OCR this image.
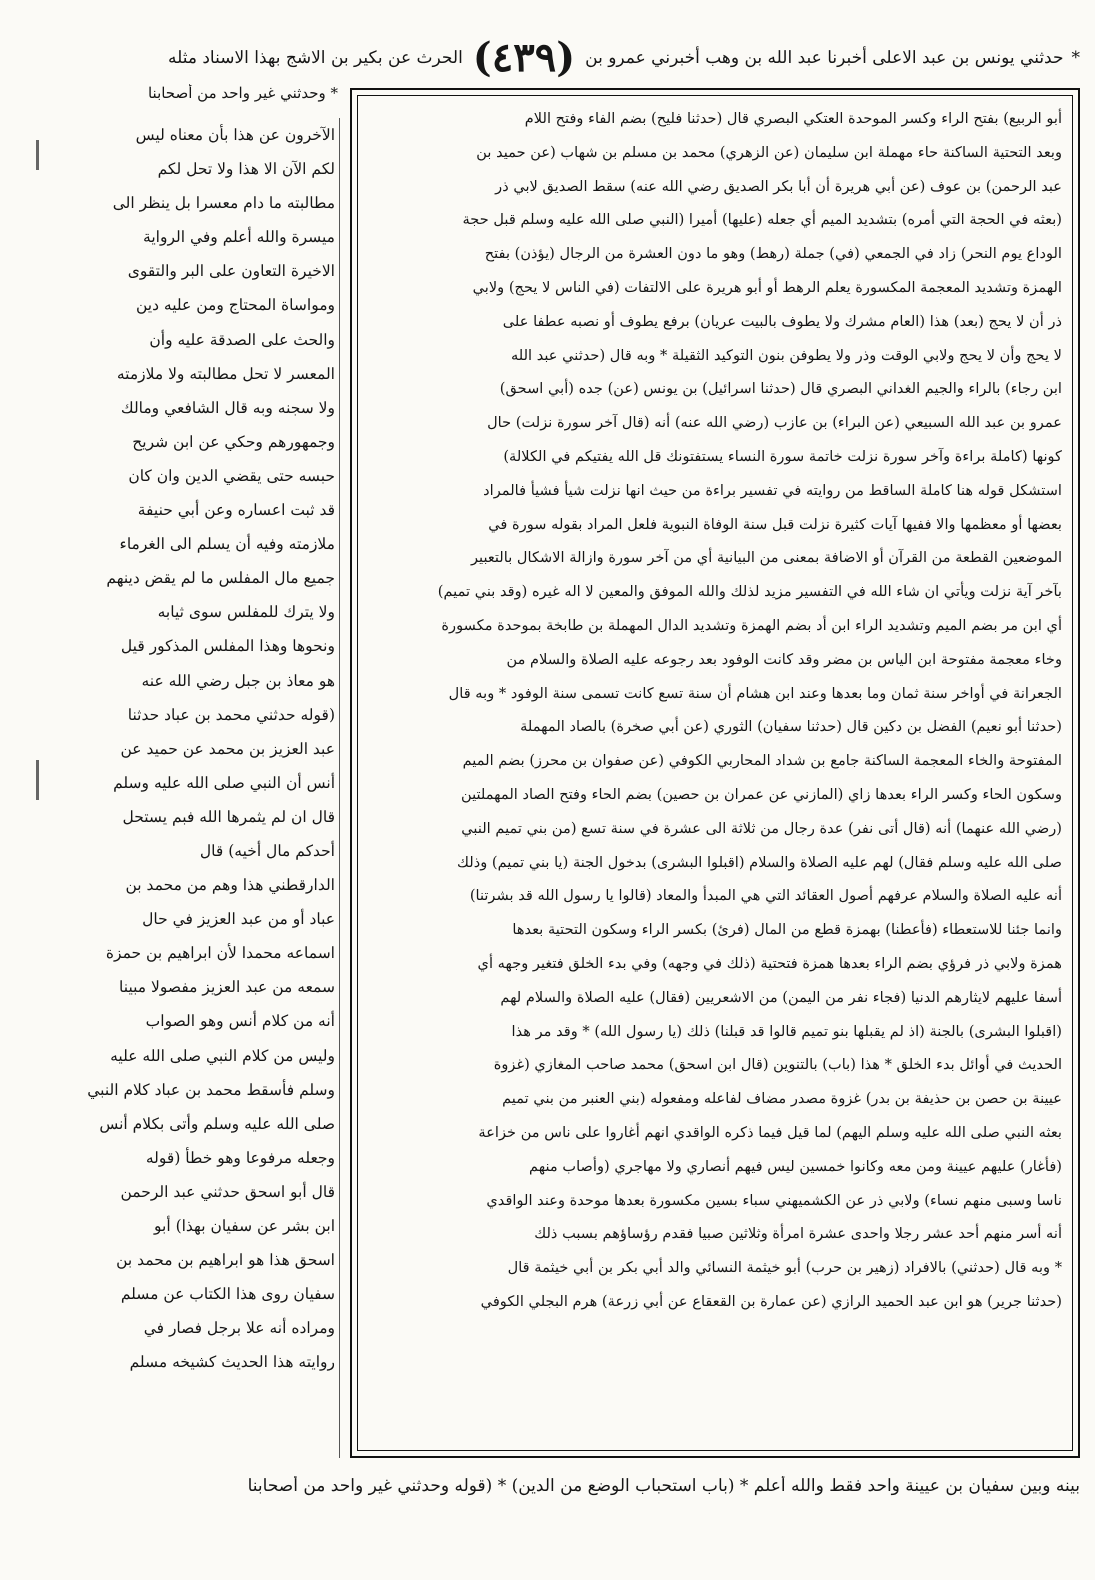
*
حدثني يونس بن عبد الاعلى أخبرنا عبد الله بن وهب أخبرني عمرو بن
(٤٣٩)
الحرث عن بكير بن الاشج بهذا الاسناد مثله
* وحدثني غير واحد من أصحابنا
الآخرون عن هذا بأن معناه ليس
لكم الآن الا هذا ولا تحل لكم
مطالبته ما دام معسرا بل ينظر الى
ميسرة والله أعلم وفي الرواية
الاخيرة التعاون على البر والتقوى
ومواساة المحتاج ومن عليه دين
والحث على الصدقة عليه وأن
المعسر لا تحل مطالبته ولا ملازمته
ولا سجنه وبه قال الشافعي ومالك
وجمهورهم وحكي عن ابن شريح
حبسه حتى يقضي الدين وان كان
قد ثبت اعساره وعن أبي حنيفة
ملازمته وفيه أن يسلم الى الغرماء
جميع مال المفلس ما لم يقض دينهم
ولا يترك للمفلس سوى ثيابه
ونحوها وهذا المفلس المذكور قيل
هو معاذ بن جبل رضي الله عنه
(قوله حدثني محمد بن عباد حدثنا
عبد العزيز بن محمد عن حميد عن
أنس أن النبي صلى الله عليه وسلم
قال ان لم يثمرها الله فبم يستحل
أحدكم مال أخيه) قال
الدارقطني هذا وهم من محمد بن
عباد أو من عبد العزيز في حال
اسماعه محمدا لأن ابراهيم بن حمزة
سمعه من عبد العزيز مفصولا مبينا
أنه من كلام أنس وهو الصواب
وليس من كلام النبي صلى الله عليه
وسلم فأسقط محمد بن عباد كلام النبي
صلى الله عليه وسلم وأتى بكلام أنس
وجعله مرفوعا وهو خطأ (قوله
قال أبو اسحق حدثني عبد الرحمن
ابن بشر عن سفيان بهذا) أبو
اسحق هذا هو ابراهيم بن محمد بن
سفيان روى هذا الكتاب عن مسلم
ومراده أنه علا برجل فصار في
روايته هذا الحديث كشيخه مسلم
أبو الربيع) بفتح الراء وكسر الموحدة العتكي البصري قال (حدثنا فليح) بضم الفاء وفتح اللام
وبعد التحتية الساكنة حاء مهملة ابن سليمان (عن الزهري) محمد بن مسلم بن شهاب (عن حميد بن
عبد الرحمن) بن عوف (عن أبي هريرة أن أبا بكر الصديق رضي الله عنه) سقط الصديق لابي ذر
(بعثه في الحجة التي أمره) بتشديد الميم أي جعله (عليها) أميرا (النبي صلى الله عليه وسلم قبل حجة
الوداع يوم النحر) زاد في الجمعي (في) جملة (رهط) وهو ما دون العشرة من الرجال (يؤذن) بفتح
الهمزة وتشديد المعجمة المكسورة يعلم الرهط أو أبو هريرة على الالتفات (في الناس لا يحج) ولابي
ذر أن لا يحج (بعد) هذا (العام مشرك ولا يطوف بالبيت عريان) برفع يطوف أو نصبه عطفا على
لا يحج وأن لا يحج ولابي الوقت وذر ولا يطوفن بنون التوكيد الثقيلة * وبه قال (حدثني عبد الله
ابن رجاء) بالراء والجيم الغداني البصري قال (حدثنا اسرائيل) بن يونس (عن) جده (أبي اسحق)
عمرو بن عبد الله السبيعي (عن البراء) بن عازب (رضي الله عنه) أنه (قال آخر سورة نزلت) حال
كونها (كاملة براءة وآخر سورة نزلت خاتمة سورة النساء يستفتونك قل الله يفتيكم في الكلالة)
استشكل قوله هنا كاملة الساقط من روايته في تفسير براءة من حيث انها نزلت شيأ فشيأ فالمراد
بعضها أو معظمها والا ففيها آيات كثيرة نزلت قبل سنة الوفاة النبوية فلعل المراد بقوله سورة في
الموضعين القطعة من القرآن أو الاضافة بمعنى من البيانية أي من آخر سورة وازالة الاشكال بالتعبير
بآخر آية نزلت ويأتي ان شاء الله في التفسير مزيد لذلك والله الموفق والمعين لا اله غيره (وقد بني تميم)
أي ابن مر بضم الميم وتشديد الراء ابن أد بضم الهمزة وتشديد الدال المهملة بن طابخة بموحدة مكسورة
وخاء معجمة مفتوحة ابن الياس بن مضر وقد كانت الوفود بعد رجوعه عليه الصلاة والسلام من
الجعرانة في أواخر سنة ثمان وما بعدها وعند ابن هشام أن سنة تسع كانت تسمى سنة الوفود * وبه قال
(حدثنا أبو نعيم) الفضل بن دكين قال (حدثنا سفيان) الثوري (عن أبي صخرة) بالصاد المهملة
المفتوحة والخاء المعجمة الساكنة جامع بن شداد المحاربي الكوفي (عن صفوان بن محرز) بضم الميم
وسكون الحاء وكسر الراء بعدها زاي (المازني عن عمران بن حصين) بضم الحاء وفتح الصاد المهملتين
(رضي الله عنهما) أنه (قال أتى نفر) عدة رجال من ثلاثة الى عشرة في سنة تسع (من بني تميم النبي
صلى الله عليه وسلم فقال) لهم عليه الصلاة والسلام (اقبلوا البشرى) بدخول الجنة (يا بني تميم) وذلك
أنه عليه الصلاة والسلام عرفهم أصول العقائد التي هي المبدأ والمعاد (قالوا يا رسول الله قد بشرتنا)
وانما جئنا للاستعطاء (فأعطنا) بهمزة قطع من المال (فرئ) بكسر الراء وسكون التحتية بعدها
همزة ولابي ذر فرؤي بضم الراء بعدها همزة فتحتية (ذلك في وجهه) وفي بدء الخلق فتغير وجهه أي
أسفا عليهم لايثارهم الدنيا (فجاء نفر من اليمن) من الاشعريين (فقال) عليه الصلاة والسلام لهم
(اقبلوا البشرى) بالجنة (اذ لم يقبلها بنو تميم قالوا قد قبلنا) ذلك (يا رسول الله) * وقد مر هذا
الحديث في أوائل بدء الخلق * هذا (باب) بالتنوين (قال ابن اسحق) محمد صاحب المغازي (غزوة
عيينة بن حصن بن حذيفة بن بدر) غزوة مصدر مضاف لفاعله ومفعوله (بني العنبر من بني تميم
بعثه النبي صلى الله عليه وسلم اليهم) لما قيل فيما ذكره الواقدي انهم أغاروا على ناس من خزاعة
(فأغار) عليهم عيينة ومن معه وكانوا خمسين ليس فيهم أنصاري ولا مهاجري (وأصاب منهم
ناسا وسبى منهم نساء) ولابي ذر عن الكشميهني سباء بسين مكسورة بعدها موحدة وعند الواقدي
أنه أسر منهم أحد عشر رجلا واحدى عشرة امرأة وثلاثين صبيا فقدم رؤساؤهم بسبب ذلك
* وبه قال (حدثني) بالافراد (زهير بن حرب) أبو خيثمة النسائي والد أبي بكر بن أبي خيثمة قال
(حدثنا جرير) هو ابن عبد الحميد الرازي (عن عمارة بن القعقاع عن أبي زرعة) هرم البجلي الكوفي
بينه وبين سفيان بن عيينة واحد فقط والله أعلم * (باب استحباب الوضع من الدين) * (قوله وحدثني غير واحد من أصحابنا
